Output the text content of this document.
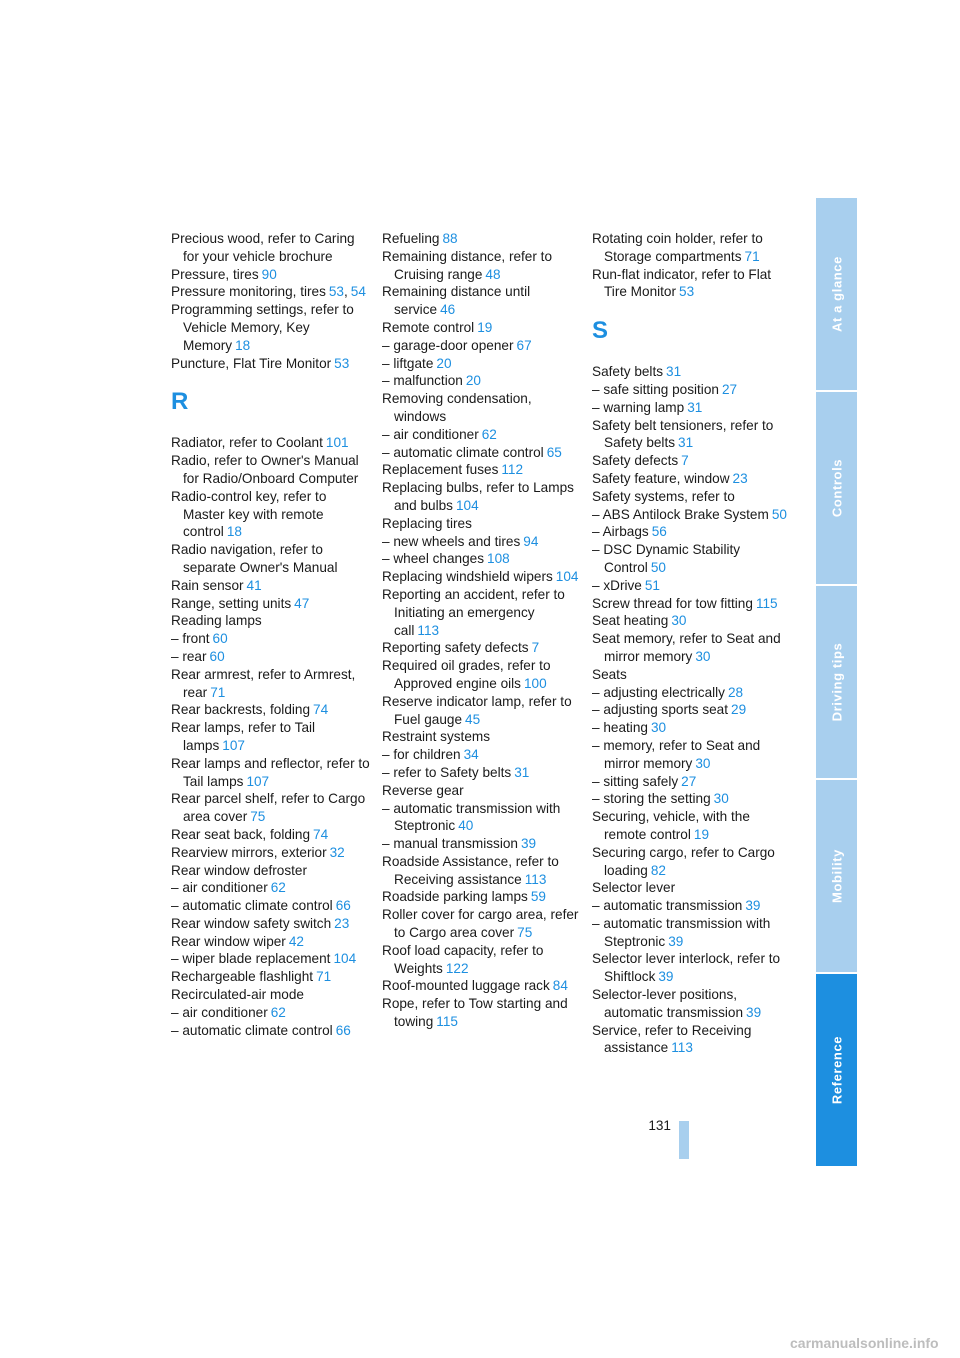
Precious wood, refer to Caring for your vehicle brochure
Pressure, tires 90
Pressure monitoring, tires 53, 54
Programming settings, refer to Vehicle Memory, Key Memory 18
Puncture, Flat Tire Monitor 53
R
Radiator, refer to Coolant 101
Radio, refer to Owner's Manual for Radio/Onboard Computer
Radio-control key, refer to Master key with remote control 18
Radio navigation, refer to separate Owner's Manual
Rain sensor 41
Range, setting units 47
Reading lamps
– front 60
– rear 60
Rear armrest, refer to Armrest, rear 71
Rear backrests, folding 74
Rear lamps, refer to Tail lamps 107
Rear lamps and reflector, refer to Tail lamps 107
Rear parcel shelf, refer to Cargo area cover 75
Rear seat back, folding 74
Rearview mirrors, exterior 32
Rear window defroster
– air conditioner 62
– automatic climate control 66
Rear window safety switch 23
Rear window wiper 42
– wiper blade replacement 104
Rechargeable flashlight 71
Recirculated-air mode
– air conditioner 62
– automatic climate control 66
Refueling 88
Remaining distance, refer to Cruising range 48
Remaining distance until service 46
Remote control 19
– garage-door opener 67
– liftgate 20
– malfunction 20
Removing condensation, windows
– air conditioner 62
– automatic climate control 65
Replacement fuses 112
Replacing bulbs, refer to Lamps and bulbs 104
Replacing tires
– new wheels and tires 94
– wheel changes 108
Replacing windshield wipers 104
Reporting an accident, refer to Initiating an emergency call 113
Reporting safety defects 7
Required oil grades, refer to Approved engine oils 100
Reserve indicator lamp, refer to Fuel gauge 45
Restraint systems
– for children 34
– refer to Safety belts 31
Reverse gear
– automatic transmission with Steptronic 40
– manual transmission 39
Roadside Assistance, refer to Receiving assistance 113
Roadside parking lamps 59
Roller cover for cargo area, refer to Cargo area cover 75
Roof load capacity, refer to Weights 122
Roof-mounted luggage rack 84
Rope, refer to Tow starting and towing 115
Rotating coin holder, refer to Storage compartments 71
Run-flat indicator, refer to Flat Tire Monitor 53
S
Safety belts 31
– safe sitting position 27
– warning lamp 31
Safety belt tensioners, refer to Safety belts 31
Safety defects 7
Safety feature, window 23
Safety systems, refer to
– ABS Antilock Brake System 50
– Airbags 56
– DSC Dynamic Stability Control 50
– xDrive 51
Screw thread for tow fitting 115
Seat heating 30
Seat memory, refer to Seat and mirror memory 30
Seats
– adjusting electrically 28
– adjusting sports seat 29
– heating 30
– memory, refer to Seat and mirror memory 30
– sitting safely 27
– storing the setting 30
Securing, vehicle, with the remote control 19
Securing cargo, refer to Cargo loading 82
Selector lever
– automatic transmission 39
– automatic transmission with Steptronic 39
Selector lever interlock, refer to Shiftlock 39
Selector-lever positions, automatic transmission 39
Service, refer to Receiving assistance 113
At a glance
Controls
Driving tips
Mobility
Reference
131
carmanualsonline.info
